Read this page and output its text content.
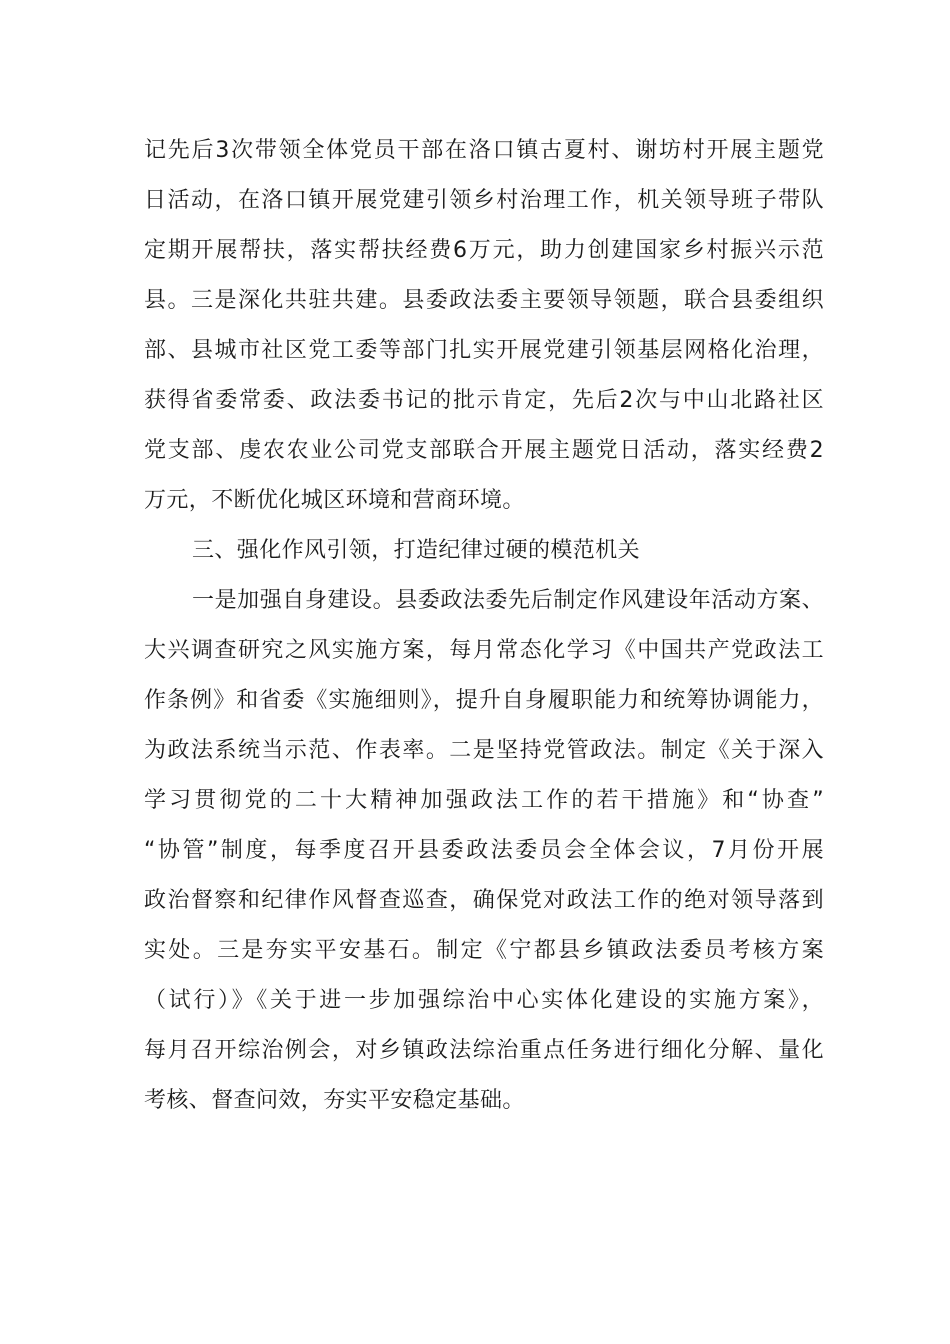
记先后3次带领全体党员干部在洛口镇古夏村、谢坊村开展主题党
日活动，在洛口镇开展党建引领乡村治理工作，机关领导班子带队
定期开展帮扶，落实帮扶经费6万元，助力创建国家乡村振兴示范
县。三是深化共驻共建。县委政法委主要领导领题，联合县委组织
部、县城市社区党工委等部门扎实开展党建引领基层网格化治理，
获得省委常委、政法委书记的批示肯定，先后2次与中山北路社区
党支部、虔农农业公司党支部联合开展主题党日活动，落实经费2
万元，不断优化城区环境和营商环境。
三、强化作风引领，打造纪律过硬的模范机关
一是加强自身建设。县委政法委先后制定作风建设年活动方案、
大兴调查研究之风实施方案，每月常态化学习《中国共产党政法工
作条例》和省委《实施细则》，提升自身履职能力和统筹协调能力，
为政法系统当示范、作表率。二是坚持党管政法。制定《关于深入
学习贯彻党的二十大精神加强政法工作的若干措施》和“协查”
“协管”制度，每季度召开县委政法委员会全体会议，7月份开展
政治督察和纪律作风督查巡查，确保党对政法工作的绝对领导落到
实处。三是夯实平安基石。制定《宁都县乡镇政法委员考核方案
（试行）》《关于进一步加强综治中心实体化建设的实施方案》，
每月召开综治例会，对乡镇政法综治重点任务进行细化分解、量化
考核、督查问效，夯实平安稳定基础。
